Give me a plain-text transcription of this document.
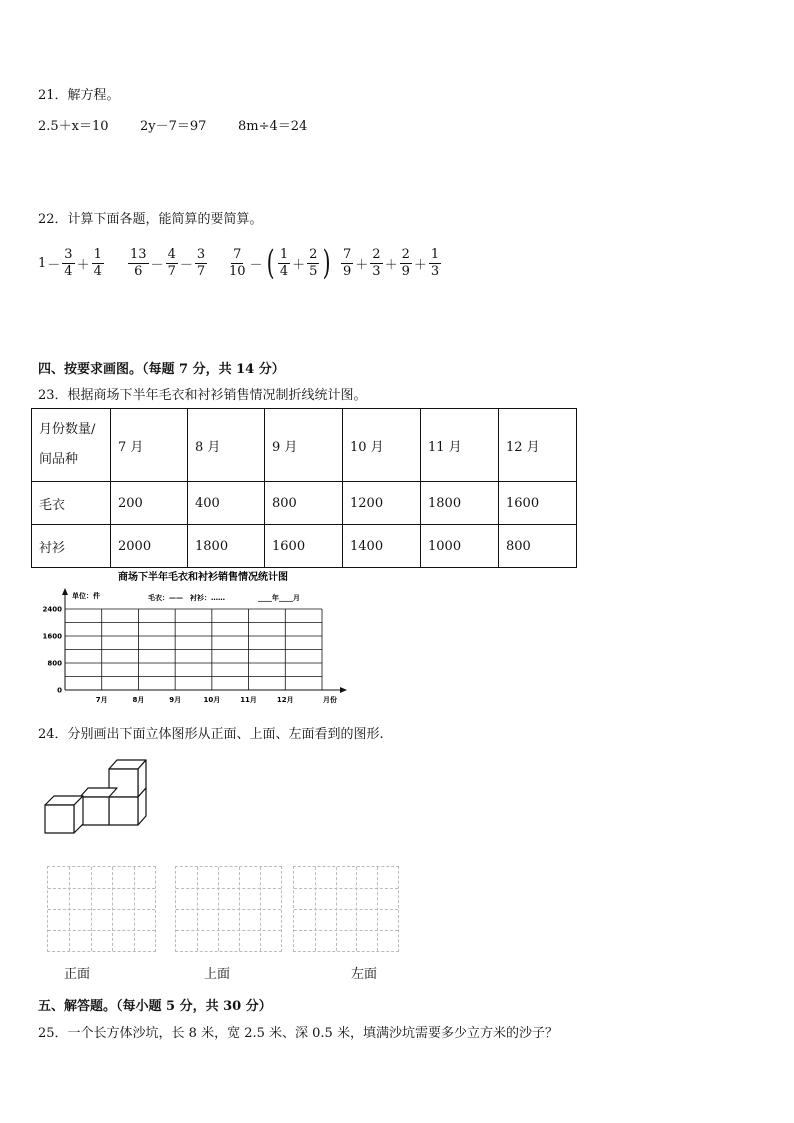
21．解方程。
2.5＋x＝10 2y－7＝97 8m÷4＝24
22．计算下面各题，能简算的要简算。
1 －
3
4 ＋
1
4
13
6 －
4
7 －
3
7
7
10 － ( 1
4 ＋
2
5 ) 7
9 ＋
2
3 ＋
2
9 ＋
1
3
四、按要求画图。（每题 7 分，共 14 分）
23．根据商场下半年毛衣和衬衫销售情况制折线统计图。
月份数量/
间品种	7 月	8 月	9 月	10 月	11 月	12 月
毛衣	200	400	800	1200	1800	1600
衬衫	2000	1800	1600	1400	1000	800
商场下半年毛衣和衬衫销售情况统计图
单位：件	毛衣：——　衬衫：……	____年____月
0
800
1600
2400
7月	8月	9月	10月	11月	12月	月份
24．分别画出下面立体图形从正面、上面、左面看到的图形.
正面	上面	左面
五、解答题。（每小题 5 分，共 30 分）
25．一个长方体沙坑，长 8 米，宽 2.5 米、深 0.5 米，填满沙坑需要多少立方米的沙子？
